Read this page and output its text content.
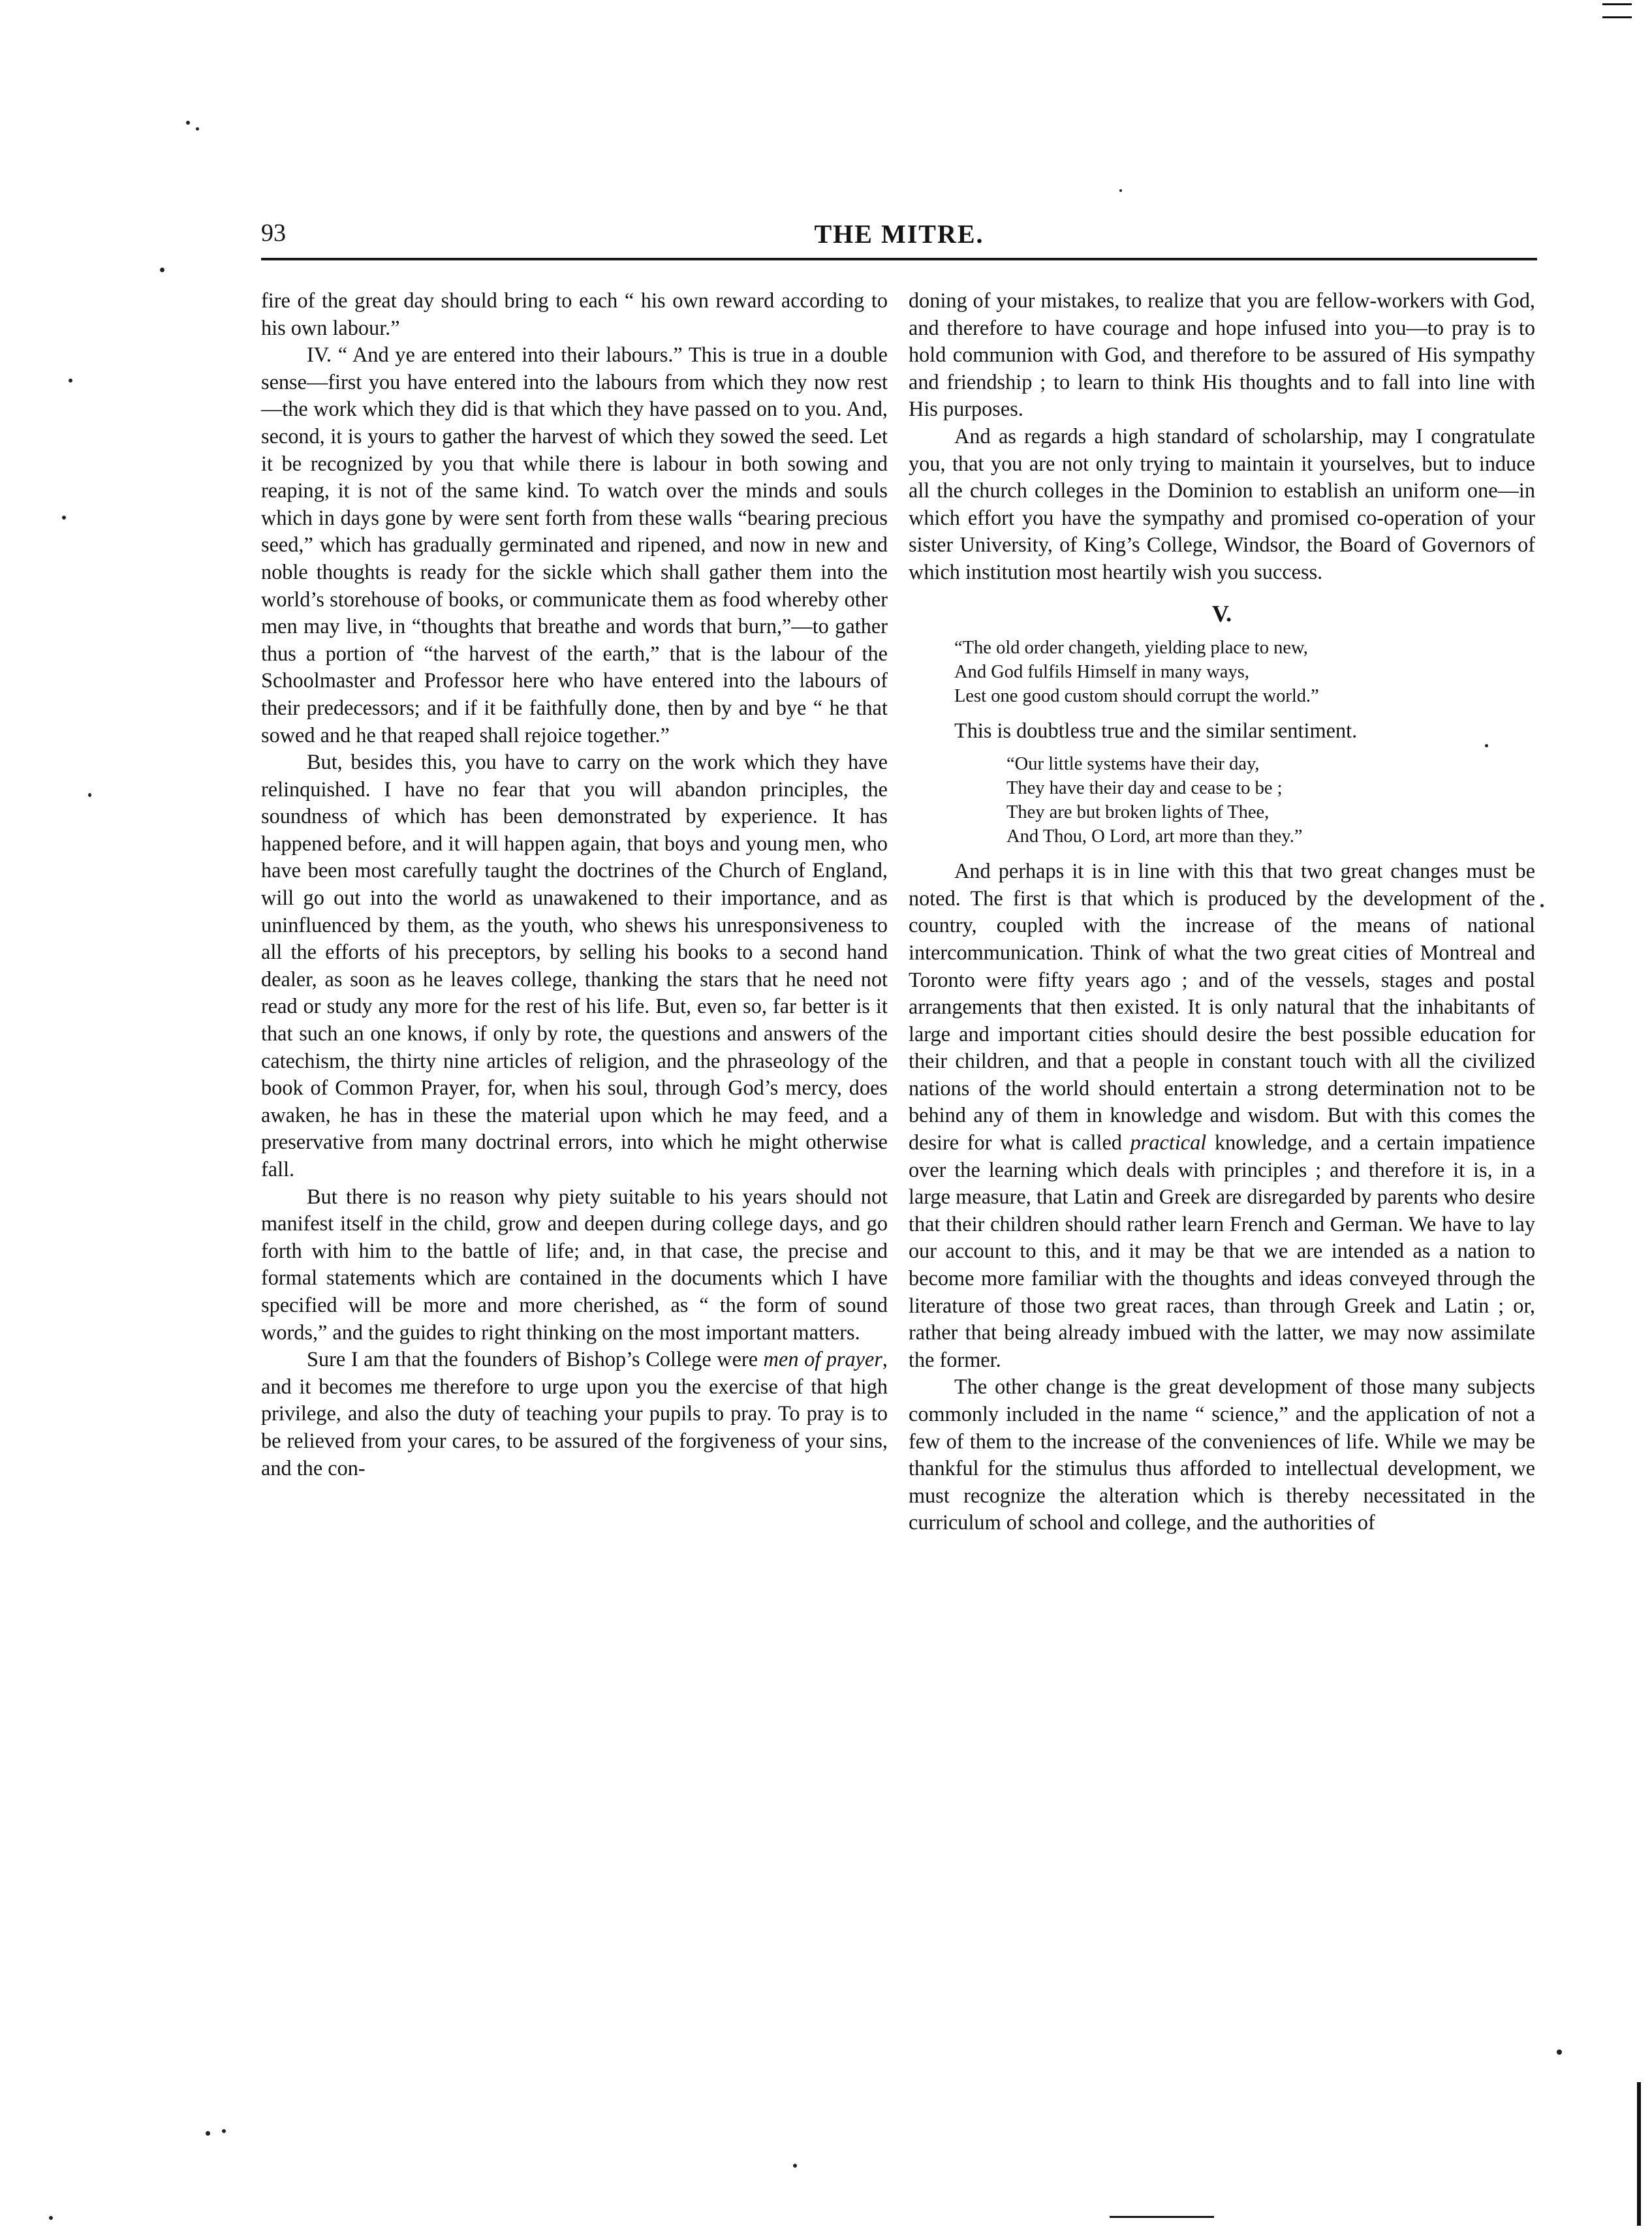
93	THE MITRE.

fire of the great day should bring to each “ his own reward according to his own labour.”

IV. “ And ye are entered into their labours.” This is true in a double sense—first you have entered into the labours from which they now rest—the work which they did is that which they have passed on to you. And, second, it is yours to gather the harvest of which they sowed the seed. Let it be recognized by you that while there is labour in both sowing and reaping, it is not of the same kind. To watch over the minds and souls which in days gone by were sent forth from these walls “bearing precious seed,” which has gradually germinated and ripened, and now in new and noble thoughts is ready for the sickle which shall gather them into the world’s storehouse of books, or communicate them as food whereby other men may live, in “thoughts that breathe and words that burn,”—to gather thus a portion of “the harvest of the earth,” that is the labour of the Schoolmaster and Professor here who have entered into the labours of their predecessors; and if it be faithfully done, then by and bye “ he that sowed and he that reaped shall rejoice together.”

But, besides this, you have to carry on the work which they have relinquished. I have no fear that you will abandon principles, the soundness of which has been demonstrated by experience. It has happened before, and it will happen again, that boys and young men, who have been most carefully taught the doctrines of the Church of England, will go out into the world as unawakened to their importance, and as uninfluenced by them, as the youth, who shews his unresponsiveness to all the efforts of his preceptors, by selling his books to a second hand dealer, as soon as he leaves college, thanking the stars that he need not read or study any more for the rest of his life. But, even so, far better is it that such an one knows, if only by rote, the questions and answers of the catechism, the thirty nine articles of religion, and the phraseology of the book of Common Prayer, for, when his soul, through God’s mercy, does awaken, he has in these the material upon which he may feed, and a preservative from many doctrinal errors, into which he might otherwise fall.

But there is no reason why piety suitable to his years should not manifest itself in the child, grow and deepen during college days, and go forth with him to the battle of life; and, in that case, the precise and formal statements which are contained in the documents which I have specified will be more and more cherished, as “ the form of sound words,” and the guides to right thinking on the most important matters.

Sure I am that the founders of Bishop’s College were men of prayer, and it becomes me therefore to urge upon you the exercise of that high privilege, and also the duty of teaching your pupils to pray. To pray is to be relieved from your cares, to be assured of the forgiveness of your sins, and the con-

doning of your mistakes, to realize that you are fellow-workers with God, and therefore to have courage and hope infused into you—to pray is to hold communion with God, and therefore to be assured of His sympathy and friendship ; to learn to think His thoughts and to fall into line with His purposes.

And as regards a high standard of scholarship, may I congratulate you, that you are not only trying to maintain it yourselves, but to induce all the church colleges in the Dominion to establish an uniform one—in which effort you have the sympathy and promised co-operation of your sister University, of King’s College, Windsor, the Board of Governors of which institution most heartily wish you success.

V.
“The old order changeth, yielding place to new,
And God fulfils Himself in many ways,
Lest one good custom should corrupt the world.”

This is doubtless true and the similar sentiment.

“Our little systems have their day,
They have their day and cease to be ;
They are but broken lights of Thee,
And Thou, O Lord, art more than they.”

And perhaps it is in line with this that two great changes must be noted. The first is that which is produced by the development of the country, coupled with the increase of the means of national intercommunication. Think of what the two great cities of Montreal and Toronto were fifty years ago ; and of the vessels, stages and postal arrangements that then existed. It is only natural that the inhabitants of large and important cities should desire the best possible education for their children, and that a people in constant touch with all the civilized nations of the world should entertain a strong determination not to be behind any of them in knowledge and wisdom. But with this comes the desire for what is called practical knowledge, and a certain impatience over the learning which deals with principles ; and therefore it is, in a large measure, that Latin and Greek are disregarded by parents who desire that their children should rather learn French and German. We have to lay our account to this, and it may be that we are intended as a nation to become more familiar with the thoughts and ideas conveyed through the literature of those two great races, than through Greek and Latin ; or, rather that being already imbued with the latter, we may now assimilate the former.

The other change is the great development of those many subjects commonly included in the name “ science,” and the application of not a few of them to the increase of the conveniences of life. While we may be thankful for the stimulus thus afforded to intellectual development, we must recognize the alteration which is thereby necessitated in the curriculum of school and college, and the authorities of
